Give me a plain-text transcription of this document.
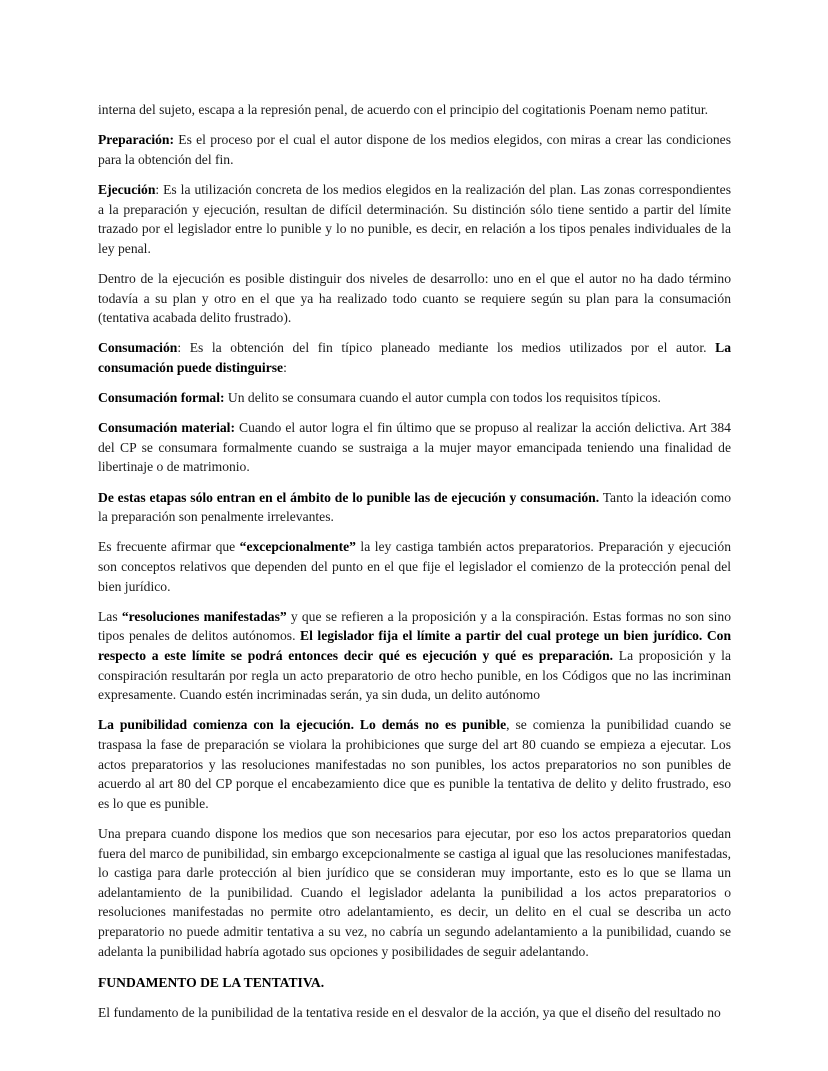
interna del sujeto, escapa a la represión penal, de acuerdo con el principio del cogitationis Poenam nemo patitur.

Preparación: Es el proceso por el cual el autor dispone de los medios elegidos, con miras a crear las condiciones para la obtención del fin.

Ejecución: Es la utilización concreta de los medios elegidos en la realización del plan. Las zonas correspondientes a la preparación y ejecución, resultan de difícil determinación. Su distinción sólo tiene sentido a partir del límite trazado por el legislador entre lo punible y lo no punible, es decir, en relación a los tipos penales individuales de la ley penal.

Dentro de la ejecución es posible distinguir dos niveles de desarrollo: uno en el que el autor no ha dado término todavía a su plan y otro en el que ya ha realizado todo cuanto se requiere según su plan para la consumación (tentativa acabada delito frustrado).

Consumación: Es la obtención del fin típico planeado mediante los medios utilizados por el autor. La consumación puede distinguirse:

Consumación formal: Un delito se consumara cuando el autor cumpla con todos los requisitos típicos.

Consumación material: Cuando el autor logra el fin último que se propuso al realizar la acción delictiva. Art 384 del CP se consumara formalmente cuando se sustraiga a la mujer mayor emancipada teniendo una finalidad de libertinaje o de matrimonio.

De estas etapas sólo entran en el ámbito de lo punible las de ejecución y consumación. Tanto la ideación como la preparación son penalmente irrelevantes.

Es frecuente afirmar que “excepcionalmente” la ley castiga también actos preparatorios. Preparación y ejecución son conceptos relativos que dependen del punto en el que fije el legislador el comienzo de la protección penal del bien jurídico.

Las “resoluciones manifestadas” y que se refieren a la proposición y a la conspiración. Estas formas no son sino tipos penales de delitos autónomos. El legislador fija el límite a partir del cual protege un bien jurídico. Con respecto a este límite se podrá entonces decir qué es ejecución y qué es preparación. La proposición y la conspiración resultarán por regla un acto preparatorio de otro hecho punible, en los Códigos que no las incriminan expresamente. Cuando estén incriminadas serán, ya sin duda, un delito autónomo

La punibilidad comienza con la ejecución. Lo demás no es punible, se comienza la punibilidad cuando se traspasa la fase de preparación se violara la prohibiciones que surge del art 80 cuando se empieza a ejecutar. Los actos preparatorios y las resoluciones manifestadas no son punibles, los actos preparatorios no son punibles de acuerdo al art 80 del CP porque el encabezamiento dice que es punible la tentativa de delito y delito frustrado, eso es lo que es punible.

Una prepara cuando dispone los medios que son necesarios para ejecutar, por eso los actos preparatorios quedan fuera del marco de punibilidad, sin embargo excepcionalmente se castiga al igual que las resoluciones manifestadas, lo castiga para darle protección al bien jurídico que se consideran muy importante, esto es lo que se llama un adelantamiento de la punibilidad. Cuando el legislador adelanta la punibilidad a los actos preparatorios o resoluciones manifestadas no permite otro adelantamiento, es decir, un delito en el cual se describa un acto preparatorio no puede admitir tentativa a su vez, no cabría un segundo adelantamiento a la punibilidad, cuando se adelanta la punibilidad habría agotado sus opciones y posibilidades de seguir adelantando.

FUNDAMENTO DE LA TENTATIVA.

El fundamento de la punibilidad de la tentativa reside en el desvalor de la acción, ya que el diseño del resultado no
